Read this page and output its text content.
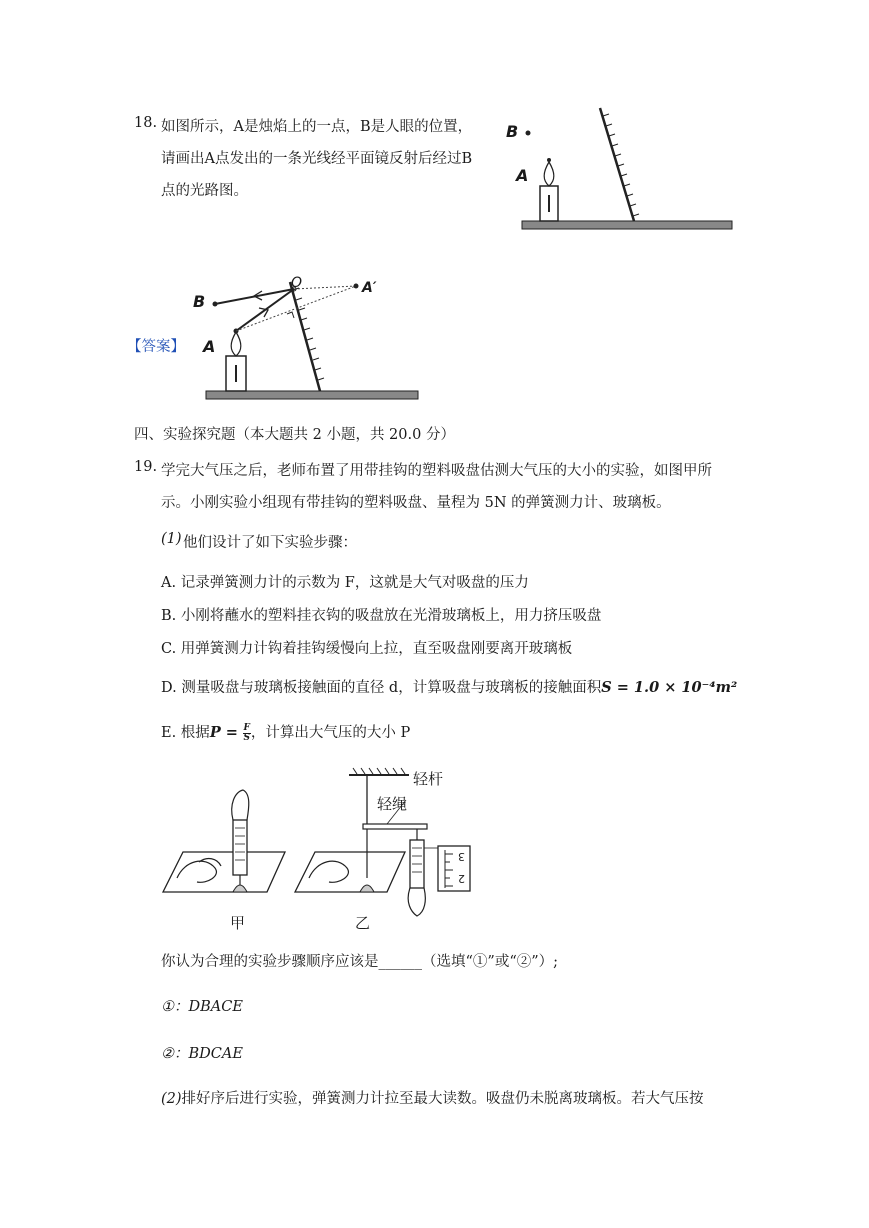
18. 如图所示，A是烛焰上的一点，B是人眼的位置，
请画出A点发出的一条光线经平面镜反射后经过B
点的光路图。
B
A
【答案】
B
A
O	A′
四、实验探究题（本大题共 2 小题，共 20.0 分）
19. 学完大气压之后，老师布置了用带挂钩的塑料吸盘估测大气压的大小的实验，如图甲所
示。小刚实验小组现有带挂钩的塑料吸盘、量程为 5N 的弹簧测力计、玻璃板。
(1) 他们设计了如下实验步骤：
A. 记录弹簧测力计的示数为 F，这就是大气对吸盘的压力
B. 小刚将蘸水的塑料挂衣钩的吸盘放在光滑玻璃板上，用力挤压吸盘
C. 用弹簧测力计钩着挂钩缓慢向上拉，直至吸盘刚要离开玻璃板
D. 测量吸盘与玻璃板接触面的直径 d，计算吸盘与玻璃板的接触面积S = 1.0 × 10⁻⁴m²
E. 根据$P = \frac{F}{S}$ ，计算出大气压的大小 P
轻杆
轻绳
甲	乙
3
2
你认为合理的实验步骤顺序应该是______（选填“①”或“②”）;
①：DBACE
②：BDCAE
(2)排好序后进行实验，弹簧测力计拉至最大读数。吸盘仍未脱离玻璃板。若大气压按
